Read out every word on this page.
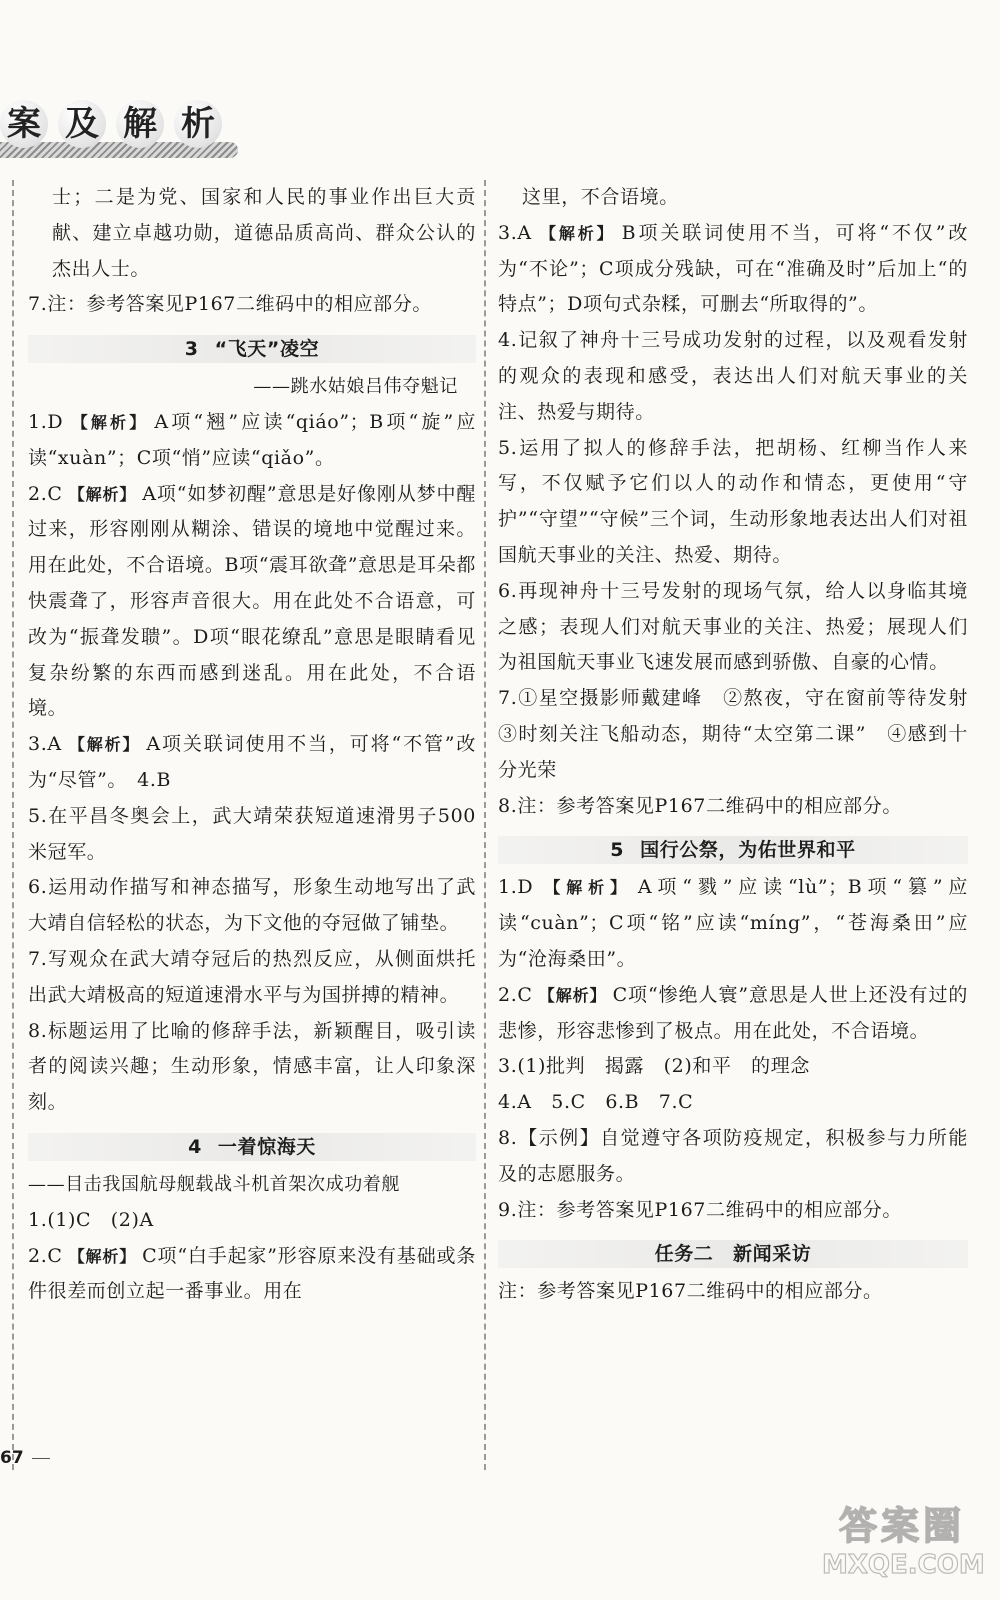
案 及 解 析

士；二是为党、国家和人民的事业作出巨大贡献、建立卓越功勋，道德品质高尚、群众公认的杰出人士。

7.注：参考答案见P167二维码中的相应部分。

3 “飞天”凌空

——跳水姑娘吕伟夺魁记

1.D 【解析】 A项“翘”应读“qiáo”；B项“旋”应读“xuàn”；C项“悄”应读“qiǎo”。

2.C 【解析】 A项“如梦初醒”意思是好像刚从梦中醒过来，形容刚刚从糊涂、错误的境地中觉醒过来。用在此处，不合语境。B项“震耳欲聋”意思是耳朵都快震聋了，形容声音很大。用在此处不合语意，可改为“振聋发聩”。D项“眼花缭乱”意思是眼睛看见复杂纷繁的东西而感到迷乱。用在此处，不合语境。

3.A 【解析】 A项关联词使用不当，可将“不管”改为“尽管”。　4.B

5.在平昌冬奥会上，武大靖荣获短道速滑男子500米冠军。

6.运用动作描写和神态描写，形象生动地写出了武大靖自信轻松的状态，为下文他的夺冠做了铺垫。

7.写观众在武大靖夺冠后的热烈反应，从侧面烘托出武大靖极高的短道速滑水平与为国拼搏的精神。

8.标题运用了比喻的修辞手法，新颖醒目，吸引读者的阅读兴趣；生动形象，情感丰富，让人印象深刻。

4 一着惊海天

——目击我国航母舰载战斗机首架次成功着舰

1.(1)C　(2)A

2.C 【解析】 C项“白手起家”形容原来没有基础或条件很差而创立起一番事业。用在

这里，不合语境。

3.A 【解析】 B项关联词使用不当，可将“不仅”改为“不论”；C项成分残缺，可在“准确及时”后加上“的特点”；D项句式杂糅，可删去“所取得的”。

4.记叙了神舟十三号成功发射的过程，以及观看发射的观众的表现和感受，表达出人们对航天事业的关注、热爱与期待。

5.运用了拟人的修辞手法，把胡杨、红柳当作人来写，不仅赋予它们以人的动作和情态，更使用“守护”“守望”“守候”三个词，生动形象地表达出人们对祖国航天事业的关注、热爱、期待。

6.再现神舟十三号发射的现场气氛，给人以身临其境之感；表现人们对航天事业的关注、热爱；展现人们为祖国航天事业飞速发展而感到骄傲、自豪的心情。

7.①星空摄影师戴建峰　②熬夜，守在窗前等待发射　③时刻关注飞船动态，期待“太空第二课”　④感到十分光荣

8.注：参考答案见P167二维码中的相应部分。

5 国行公祭，为佑世界和平

1.D 【解析】 A项“戮”应读“lù”；B项“篡”应读“cuàn”；C项“铭”应读“míng”，“苍海桑田”应为“沧海桑田”。

2.C 【解析】 C项“惨绝人寰”意思是人世上还没有过的悲惨，形容悲惨到了极点。用在此处，不合语境。

3.(1)批判　揭露　(2)和平　的理念

4.A　5.C　6.B　7.C

8.【示例】自觉遵守各项防疫规定，积极参与力所能及的志愿服务。

9.注：参考答案见P167二维码中的相应部分。

任务二　新闻采访

注：参考答案见P167二维码中的相应部分。

67
答案圈
MXQE.COM
